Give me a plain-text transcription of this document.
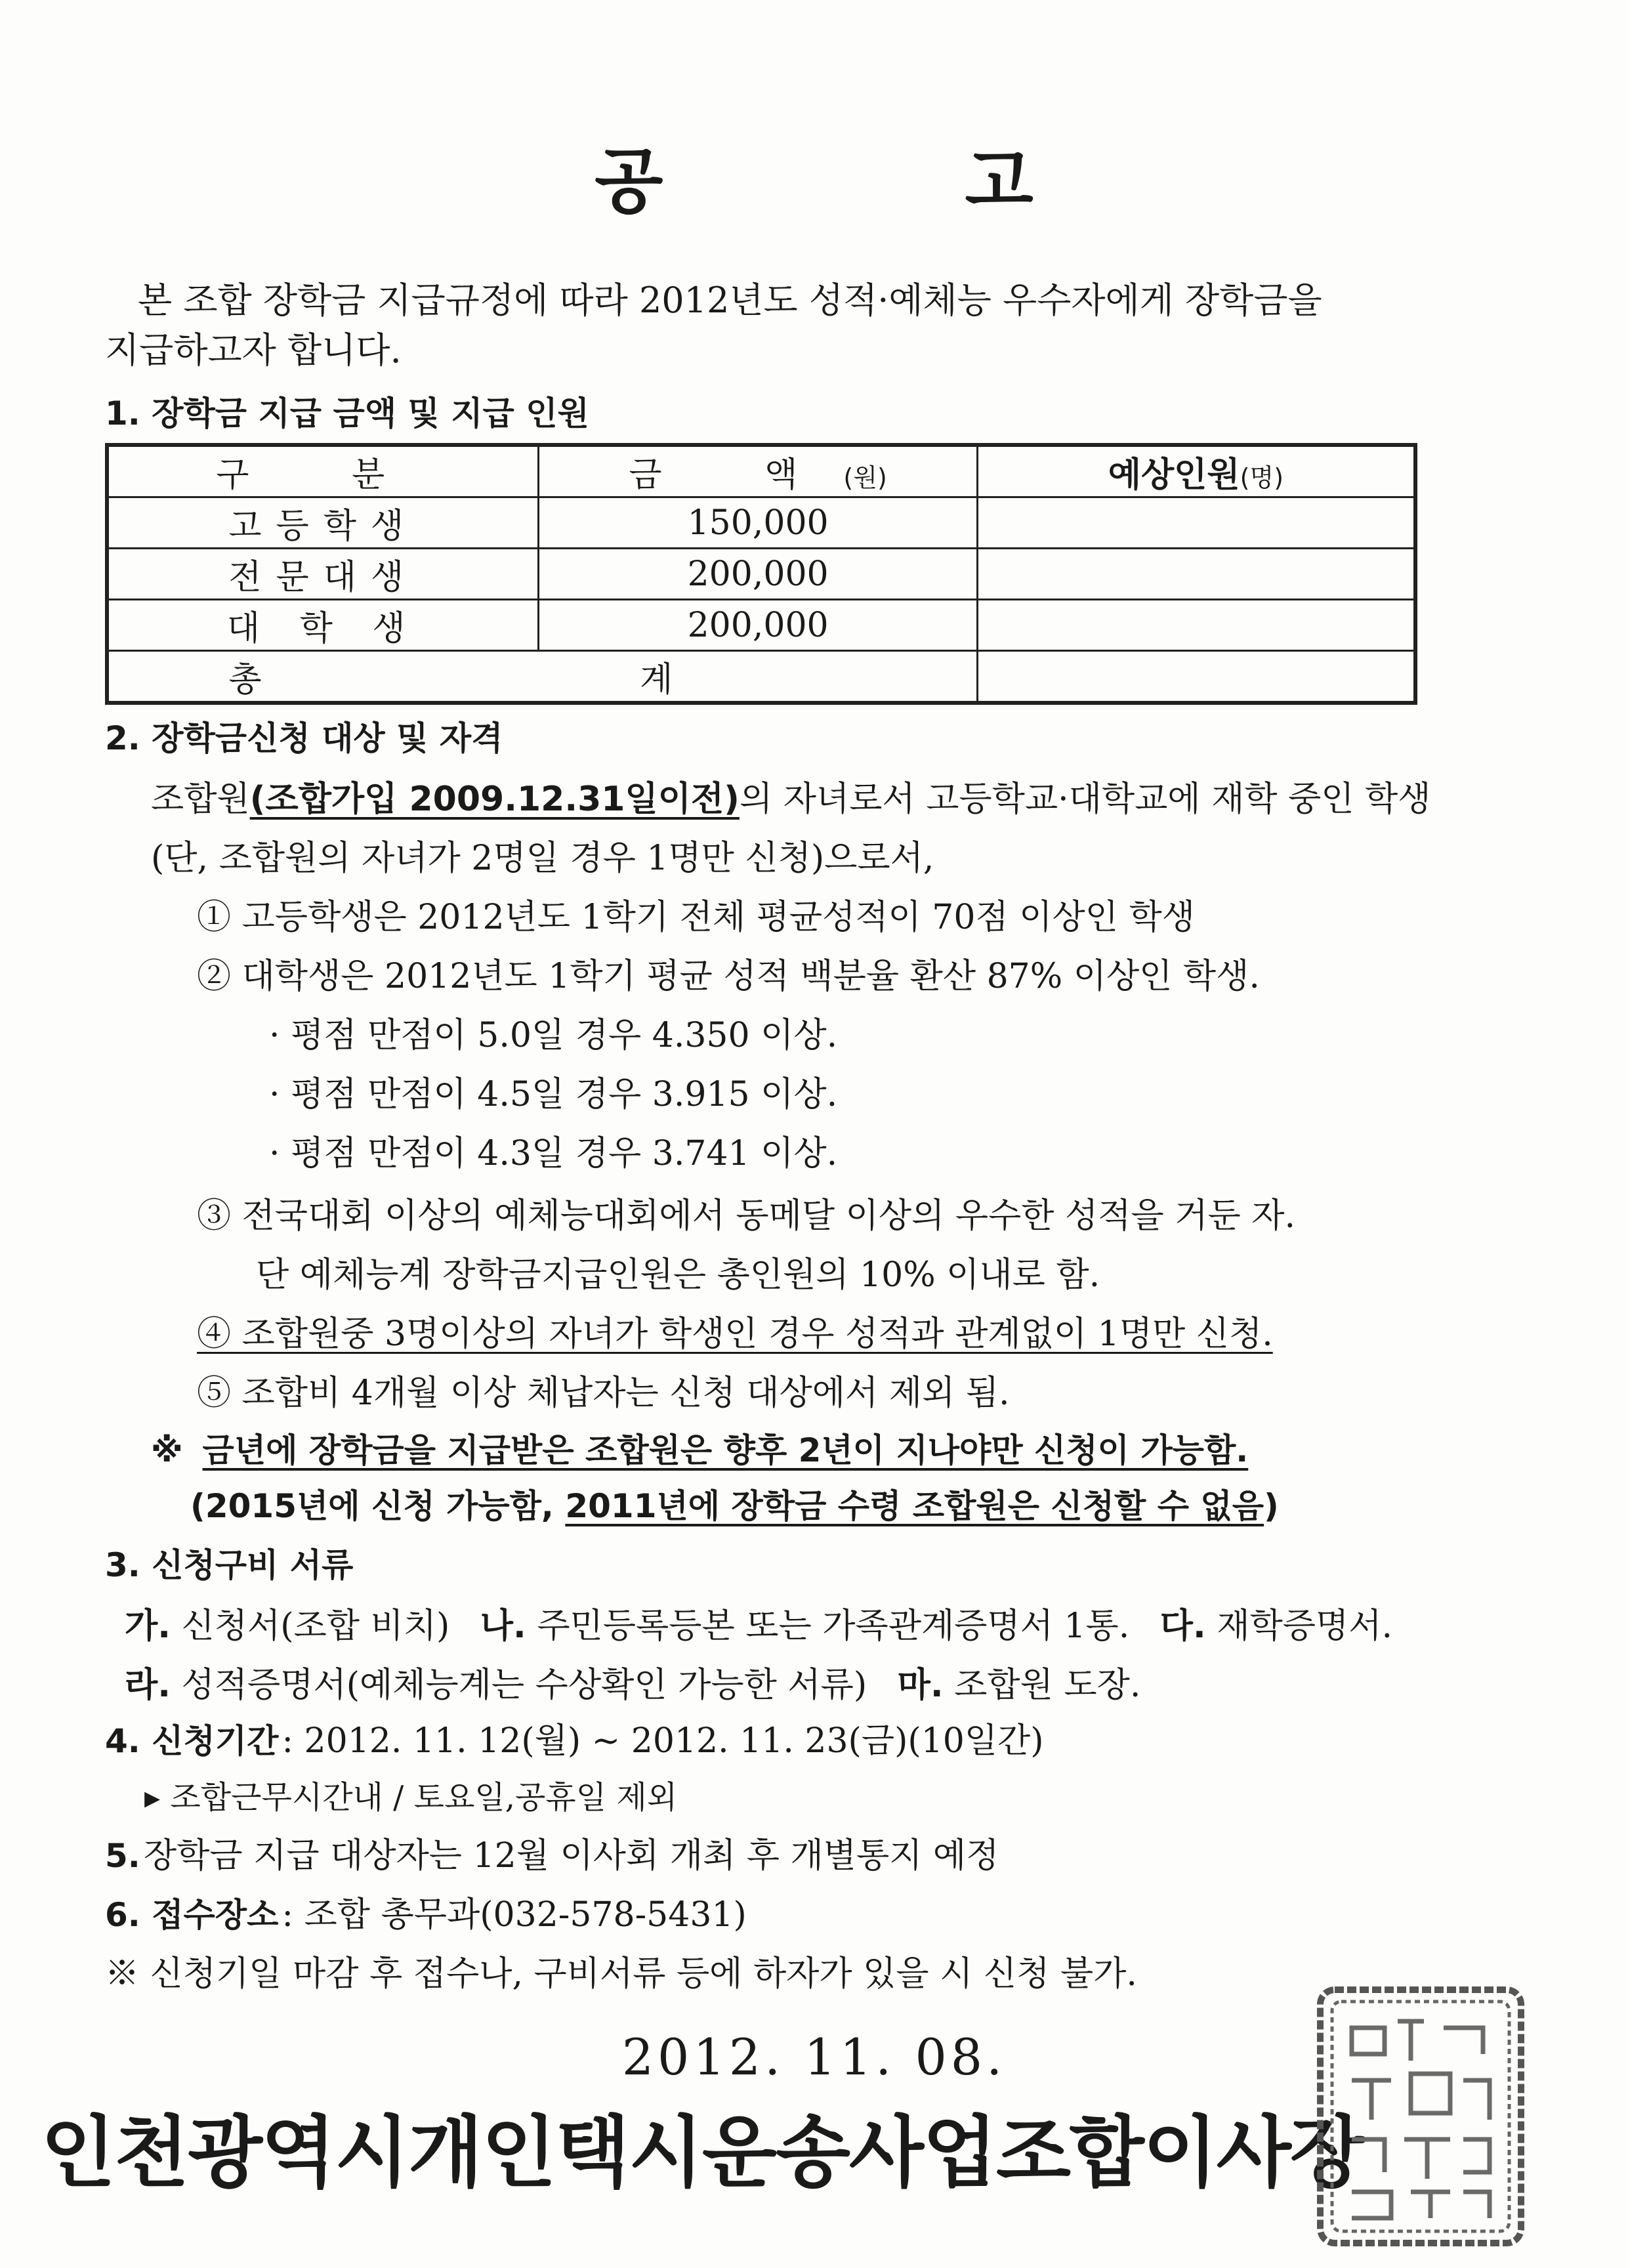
공	고
본 조합 장학금 지급규정에 따라 2012년도 성적·예체능 우수자에게 장학금을
지급하고자 합니다.
1. 장학금 지급 금액 및 지급 인원
구 분	금 액(원)	예상인원(명)
고등학생	150,000	
전문대생	200,000	
대 학 생	200,000	
총 계		
2. 장학금신청 대상 및 자격
조합원(조합가입 2009.12.31일이전)의 자녀로서 고등학교·대학교에 재학 중인 학생
(단, 조합원의 자녀가 2명일 경우 1명만 신청)으로서,
① 고등학생은 2012년도 1학기 전체 평균성적이 70점 이상인 학생
② 대학생은 2012년도 1학기 평균 성적 백분율 환산 87% 이상인 학생.
· 평점 만점이 5.0일 경우 4.350 이상.
· 평점 만점이 4.5일 경우 3.915 이상.
· 평점 만점이 4.3일 경우 3.741 이상.
③ 전국대회 이상의 예체능대회에서 동메달 이상의 우수한 성적을 거둔 자.
단 예체능계 장학금지급인원은 총인원의 10% 이내로 함.
④ 조합원중 3명이상의 자녀가 학생인 경우 성적과 관계없이 1명만 신청.
⑤ 조합비 4개월 이상 체납자는 신청 대상에서 제외 됨.
※ 금년에 장학금을 지급받은 조합원은 향후 2년이 지나야만 신청이 가능함.
(2015년에 신청 가능함, 2011년에 장학금 수령 조합원은 신청할 수 없음)
3. 신청구비 서류
가. 신청서(조합 비치) 나. 주민등록등본 또는 가족관계증명서 1통. 다. 재학증명서.
라. 성적증명서(예체능계는 수상확인 가능한 서류) 마. 조합원 도장.
4. 신청기간 : 2012. 11. 12(월) ~ 2012. 11. 23(금)(10일간)
▸ 조합근무시간내 / 토요일,공휴일 제외
5. 장학금 지급 대상자는 12월 이사회 개최 후 개별통지 예정
6. 접수장소 : 조합 총무과(032-578-5431)
※ 신청기일 마감 후 접수나, 구비서류 등에 하자가 있을 시 신청 불가.
2012. 11. 08.
인천광역시개인택시운송사업조합이사장
